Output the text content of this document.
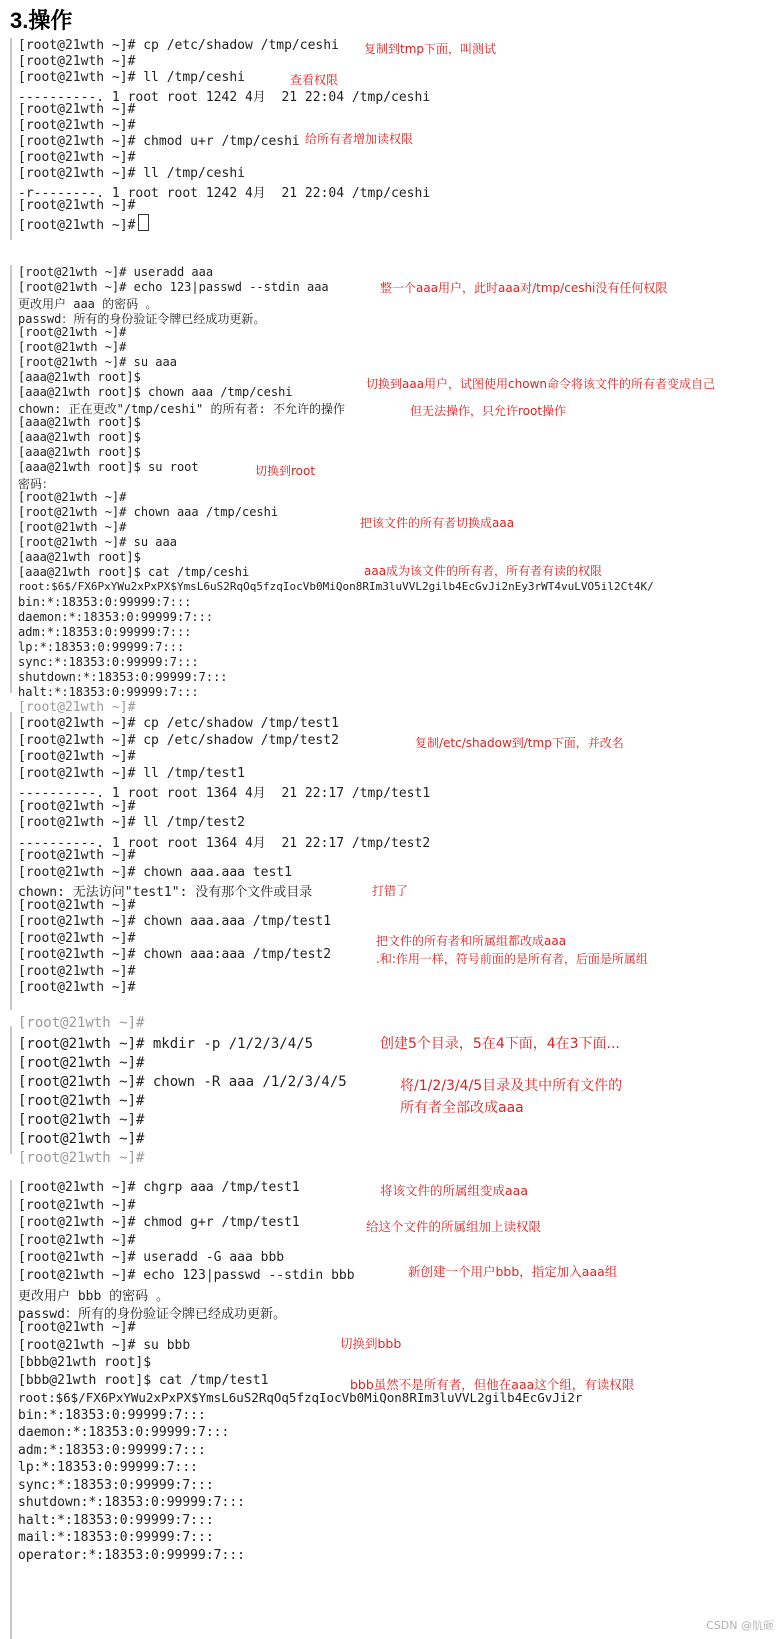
3.操作
[root@21wth ~]# cp /etc/shadow /tmp/ceshi
[root@21wth ~]#
[root@21wth ~]# ll /tmp/ceshi
----------. 1 root root 1242 4月  21 22:04 /tmp/ceshi
[root@21wth ~]#
[root@21wth ~]#
[root@21wth ~]# chmod u+r /tmp/ceshi
[root@21wth ~]#
[root@21wth ~]# ll /tmp/ceshi
-r--------. 1 root root 1242 4月  21 22:04 /tmp/ceshi
[root@21wth ~]#
[root@21wth ~]#
复制到tmp下面，叫测试
查看权限
给所有者增加读权限
[root@21wth ~]# useradd aaa
[root@21wth ~]# echo 123|passwd --stdin aaa
更改用户 aaa 的密码 。
passwd：所有的身份验证令牌已经成功更新。
[root@21wth ~]#
[root@21wth ~]#
[root@21wth ~]# su aaa
[aaa@21wth root]$
[aaa@21wth root]$ chown aaa /tmp/ceshi
chown: 正在更改"/tmp/ceshi" 的所有者: 不允许的操作
[aaa@21wth root]$
[aaa@21wth root]$
[aaa@21wth root]$
[aaa@21wth root]$ su root
密码：
[root@21wth ~]#
[root@21wth ~]# chown aaa /tmp/ceshi
[root@21wth ~]#
[root@21wth ~]# su aaa
[aaa@21wth root]$
[aaa@21wth root]$ cat /tmp/ceshi
root:$6$/FX6PxYWu2xPxPX$YmsL6uS2RqOq5fzqIocVb0MiQon8RIm3luVVL2gilb4EcGvJi2nEy3rWT4vuLVO5il2Ct4K/
bin:*:18353:0:99999:7:::
daemon:*:18353:0:99999:7:::
adm:*:18353:0:99999:7:::
lp:*:18353:0:99999:7:::
sync:*:18353:0:99999:7:::
shutdown:*:18353:0:99999:7:::
halt:*:18353:0:99999:7:::
整一个aaa用户，此时aaa对/tmp/ceshi没有任何权限
切换到aaa用户，试图使用chown命令将该文件的所有者变成自己
但无法操作，只允许root操作
切换到root
把该文件的所有者切换成aaa
aaa成为该文件的所有者，所有者有读的权限
[root@21wth ~]#
[root@21wth ~]# cp /etc/shadow /tmp/test1
[root@21wth ~]# cp /etc/shadow /tmp/test2
[root@21wth ~]#
[root@21wth ~]# ll /tmp/test1
----------. 1 root root 1364 4月  21 22:17 /tmp/test1
[root@21wth ~]#
[root@21wth ~]# ll /tmp/test2
----------. 1 root root 1364 4月  21 22:17 /tmp/test2
[root@21wth ~]#
[root@21wth ~]# chown aaa.aaa test1
chown: 无法访问"test1": 没有那个文件或目录
[root@21wth ~]#
[root@21wth ~]# chown aaa.aaa /tmp/test1
[root@21wth ~]#
[root@21wth ~]# chown aaa:aaa /tmp/test2
[root@21wth ~]#
[root@21wth ~]#
复制/etc/shadow到/tmp下面，并改名
打错了
把文件的所有者和所属组都改成aaa
.和:作用一样，符号前面的是所有者，后面是所属组
[root@21wth ~]#
[root@21wth ~]# mkdir -p /1/2/3/4/5
[root@21wth ~]#
[root@21wth ~]# chown -R aaa /1/2/3/4/5
[root@21wth ~]#
[root@21wth ~]#
[root@21wth ~]#
[root@21wth ~]#
创建5个目录，5在4下面，4在3下面...
将/1/2/3/4/5目录及其中所有文件的
所有者全部改成aaa
[root@21wth ~]# chgrp aaa /tmp/test1
[root@21wth ~]#
[root@21wth ~]# chmod g+r /tmp/test1
[root@21wth ~]#
[root@21wth ~]# useradd -G aaa bbb
[root@21wth ~]# echo 123|passwd --stdin bbb
更改用户 bbb 的密码 。
passwd：所有的身份验证令牌已经成功更新。
[root@21wth ~]#
[root@21wth ~]# su bbb
[bbb@21wth root]$
[bbb@21wth root]$ cat /tmp/test1
root:$6$/FX6PxYWu2xPxPX$YmsL6uS2RqOq5fzqIocVb0MiQon8RIm3luVVL2gilb4EcGvJi2r
bin:*:18353:0:99999:7:::
daemon:*:18353:0:99999:7:::
adm:*:18353:0:99999:7:::
lp:*:18353:0:99999:7:::
sync:*:18353:0:99999:7:::
shutdown:*:18353:0:99999:7:::
halt:*:18353:0:99999:7:::
mail:*:18353:0:99999:7:::
operator:*:18353:0:99999:7:::
将该文件的所属组变成aaa
给这个文件的所属组加上读权限
新创建一个用户bbb，指定加入aaa组
切换到bbb
bbb虽然不是所有者，但他在aaa这个组，有读权限
CSDN @航砸
